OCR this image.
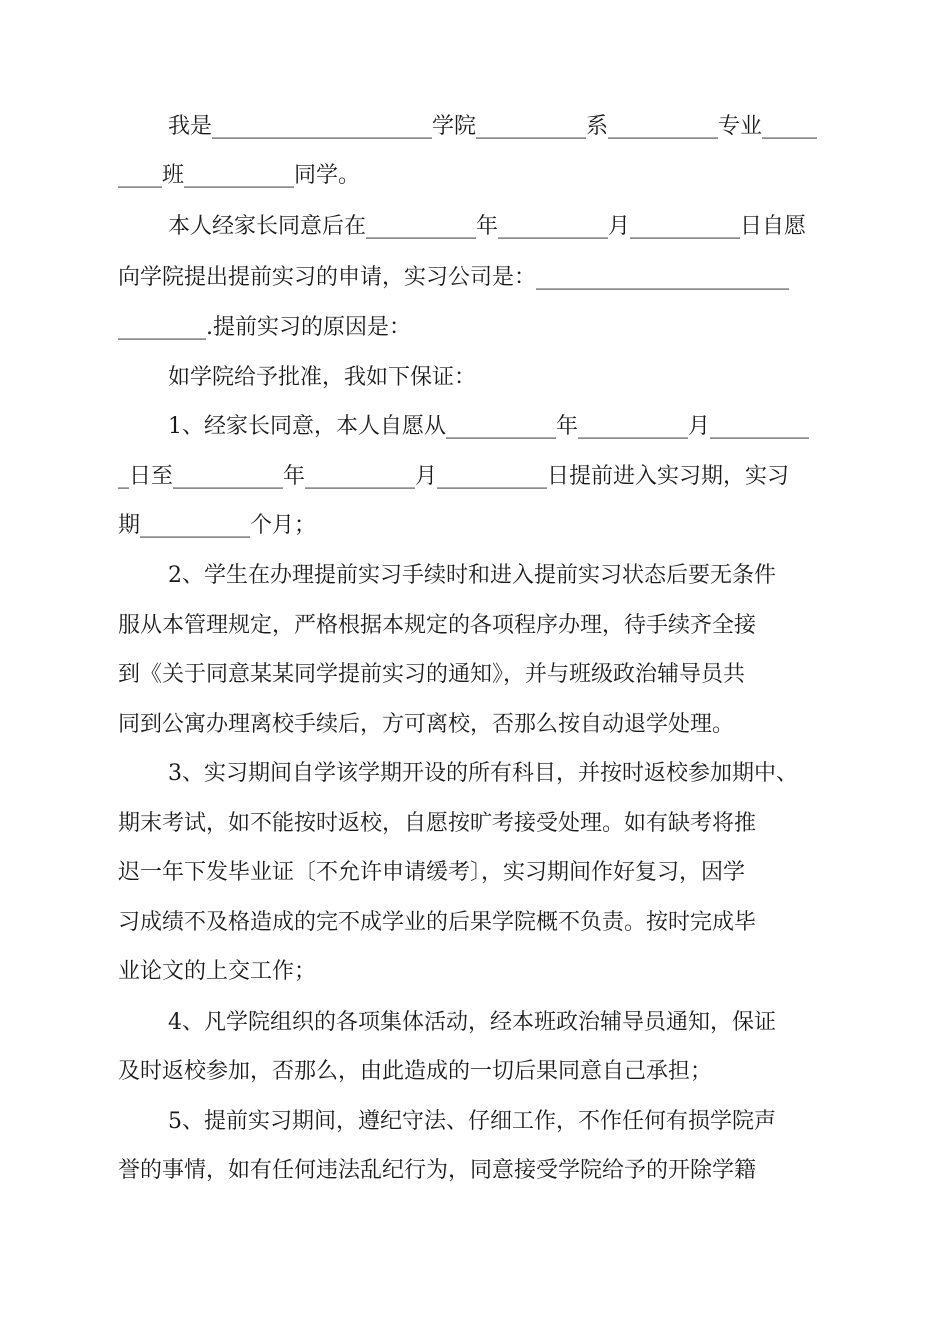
我是____________________学院__________系__________专业_____
____班__________同学。
本人经家长同意后在__________年__________月__________日自愿
向学院提出提前实习的申请，实习公司是：_______________________
________.提前实习的原因是：
如学院给予批准，我如下保证：
1、经家长同意，本人自愿从__________年__________月_________
_日至__________年__________月__________日提前进入实习期，实习
期__________个月；
2、学生在办理提前实习手续时和进入提前实习状态后要无条件
服从本管理规定，严格根据本规定的各项程序办理，待手续齐全接
到《关于同意某某同学提前实习的通知》，并与班级政治辅导员共
同到公寓办理离校手续后，方可离校，否那么按自动退学处理。
3、实习期间自学该学期开设的所有科目，并按时返校参加期中、
期末考试，如不能按时返校，自愿按旷考接受处理。如有缺考将推
迟一年下发毕业证〔不允许申请缓考〕，实习期间作好复习，因学
习成绩不及格造成的完不成学业的后果学院概不负责。按时完成毕
业论文的上交工作；
4、凡学院组织的各项集体活动，经本班政治辅导员通知，保证
及时返校参加，否那么，由此造成的一切后果同意自己承担；
5、提前实习期间，遵纪守法、仔细工作，不作任何有损学院声
誉的事情，如有任何违法乱纪行为，同意接受学院给予的开除学籍
